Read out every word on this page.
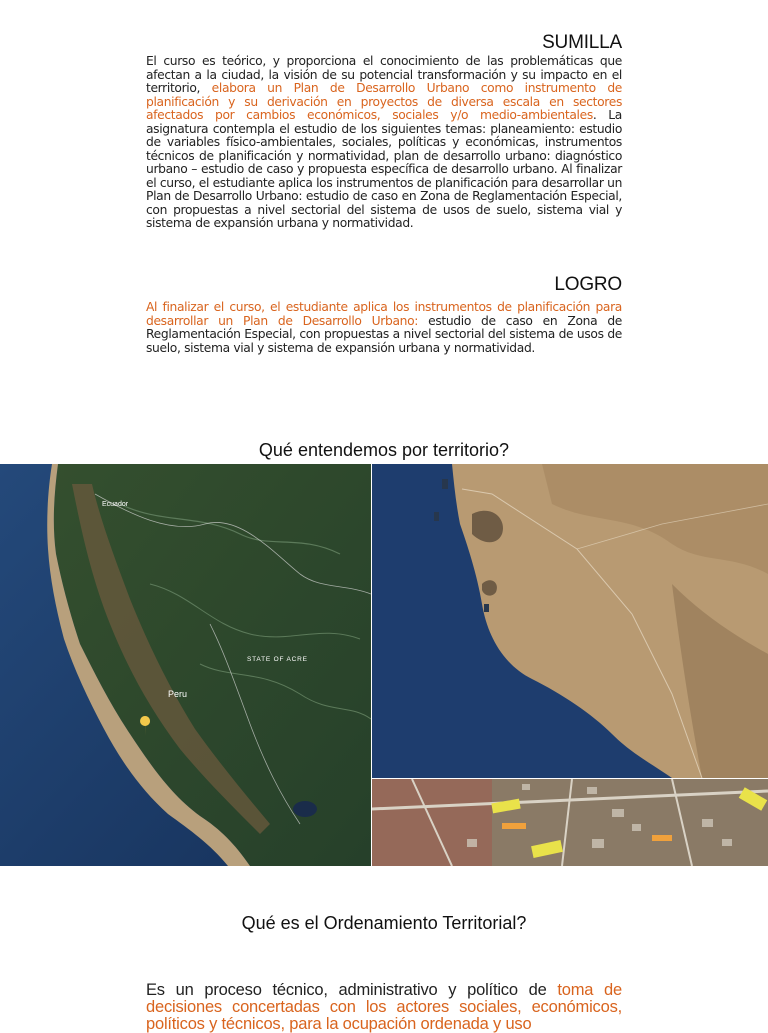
SUMILLA
El curso es teórico, y proporciona el conocimiento de las problemáticas que afectan a la ciudad, la visión de su potencial transformación y su impacto en el territorio, elabora un Plan de Desarrollo Urbano como instrumento de planificación y su derivación en proyectos de diversa escala en sectores afectados por cambios económicos, sociales y/o medio-ambientales. La asignatura contempla el estudio de los siguientes temas: planeamiento: estudio de variables físico-ambientales, sociales, políticas y económicas, instrumentos técnicos de planificación y normatividad, plan de desarrollo urbano: diagnóstico urbano – estudio de caso y propuesta específica de desarrollo urbano. Al finalizar el curso, el estudiante aplica los instrumentos de planificación para desarrollar un Plan de Desarrollo Urbano: estudio de caso en Zona de Reglamentación Especial, con propuestas a nivel sectorial del sistema de usos de suelo, sistema vial y sistema de expansión urbana y normatividad.
LOGRO
Al finalizar el curso, el estudiante aplica los instrumentos de planificación para desarrollar un Plan de Desarrollo Urbano: estudio de caso en Zona de Reglamentación Especial, con propuestas a nivel sectorial del sistema de usos de suelo, sistema vial y sistema de expansión urbana y normatividad.
Qué entendemos por territorio?
Ecuador
STATE OF ACRE
Peru
Qué es el Ordenamiento Territorial?
Es un proceso técnico, administrativo y político de toma de decisiones concertadas con los actores sociales, económicos, políticos y técnicos, para la ocupación ordenada y uso
